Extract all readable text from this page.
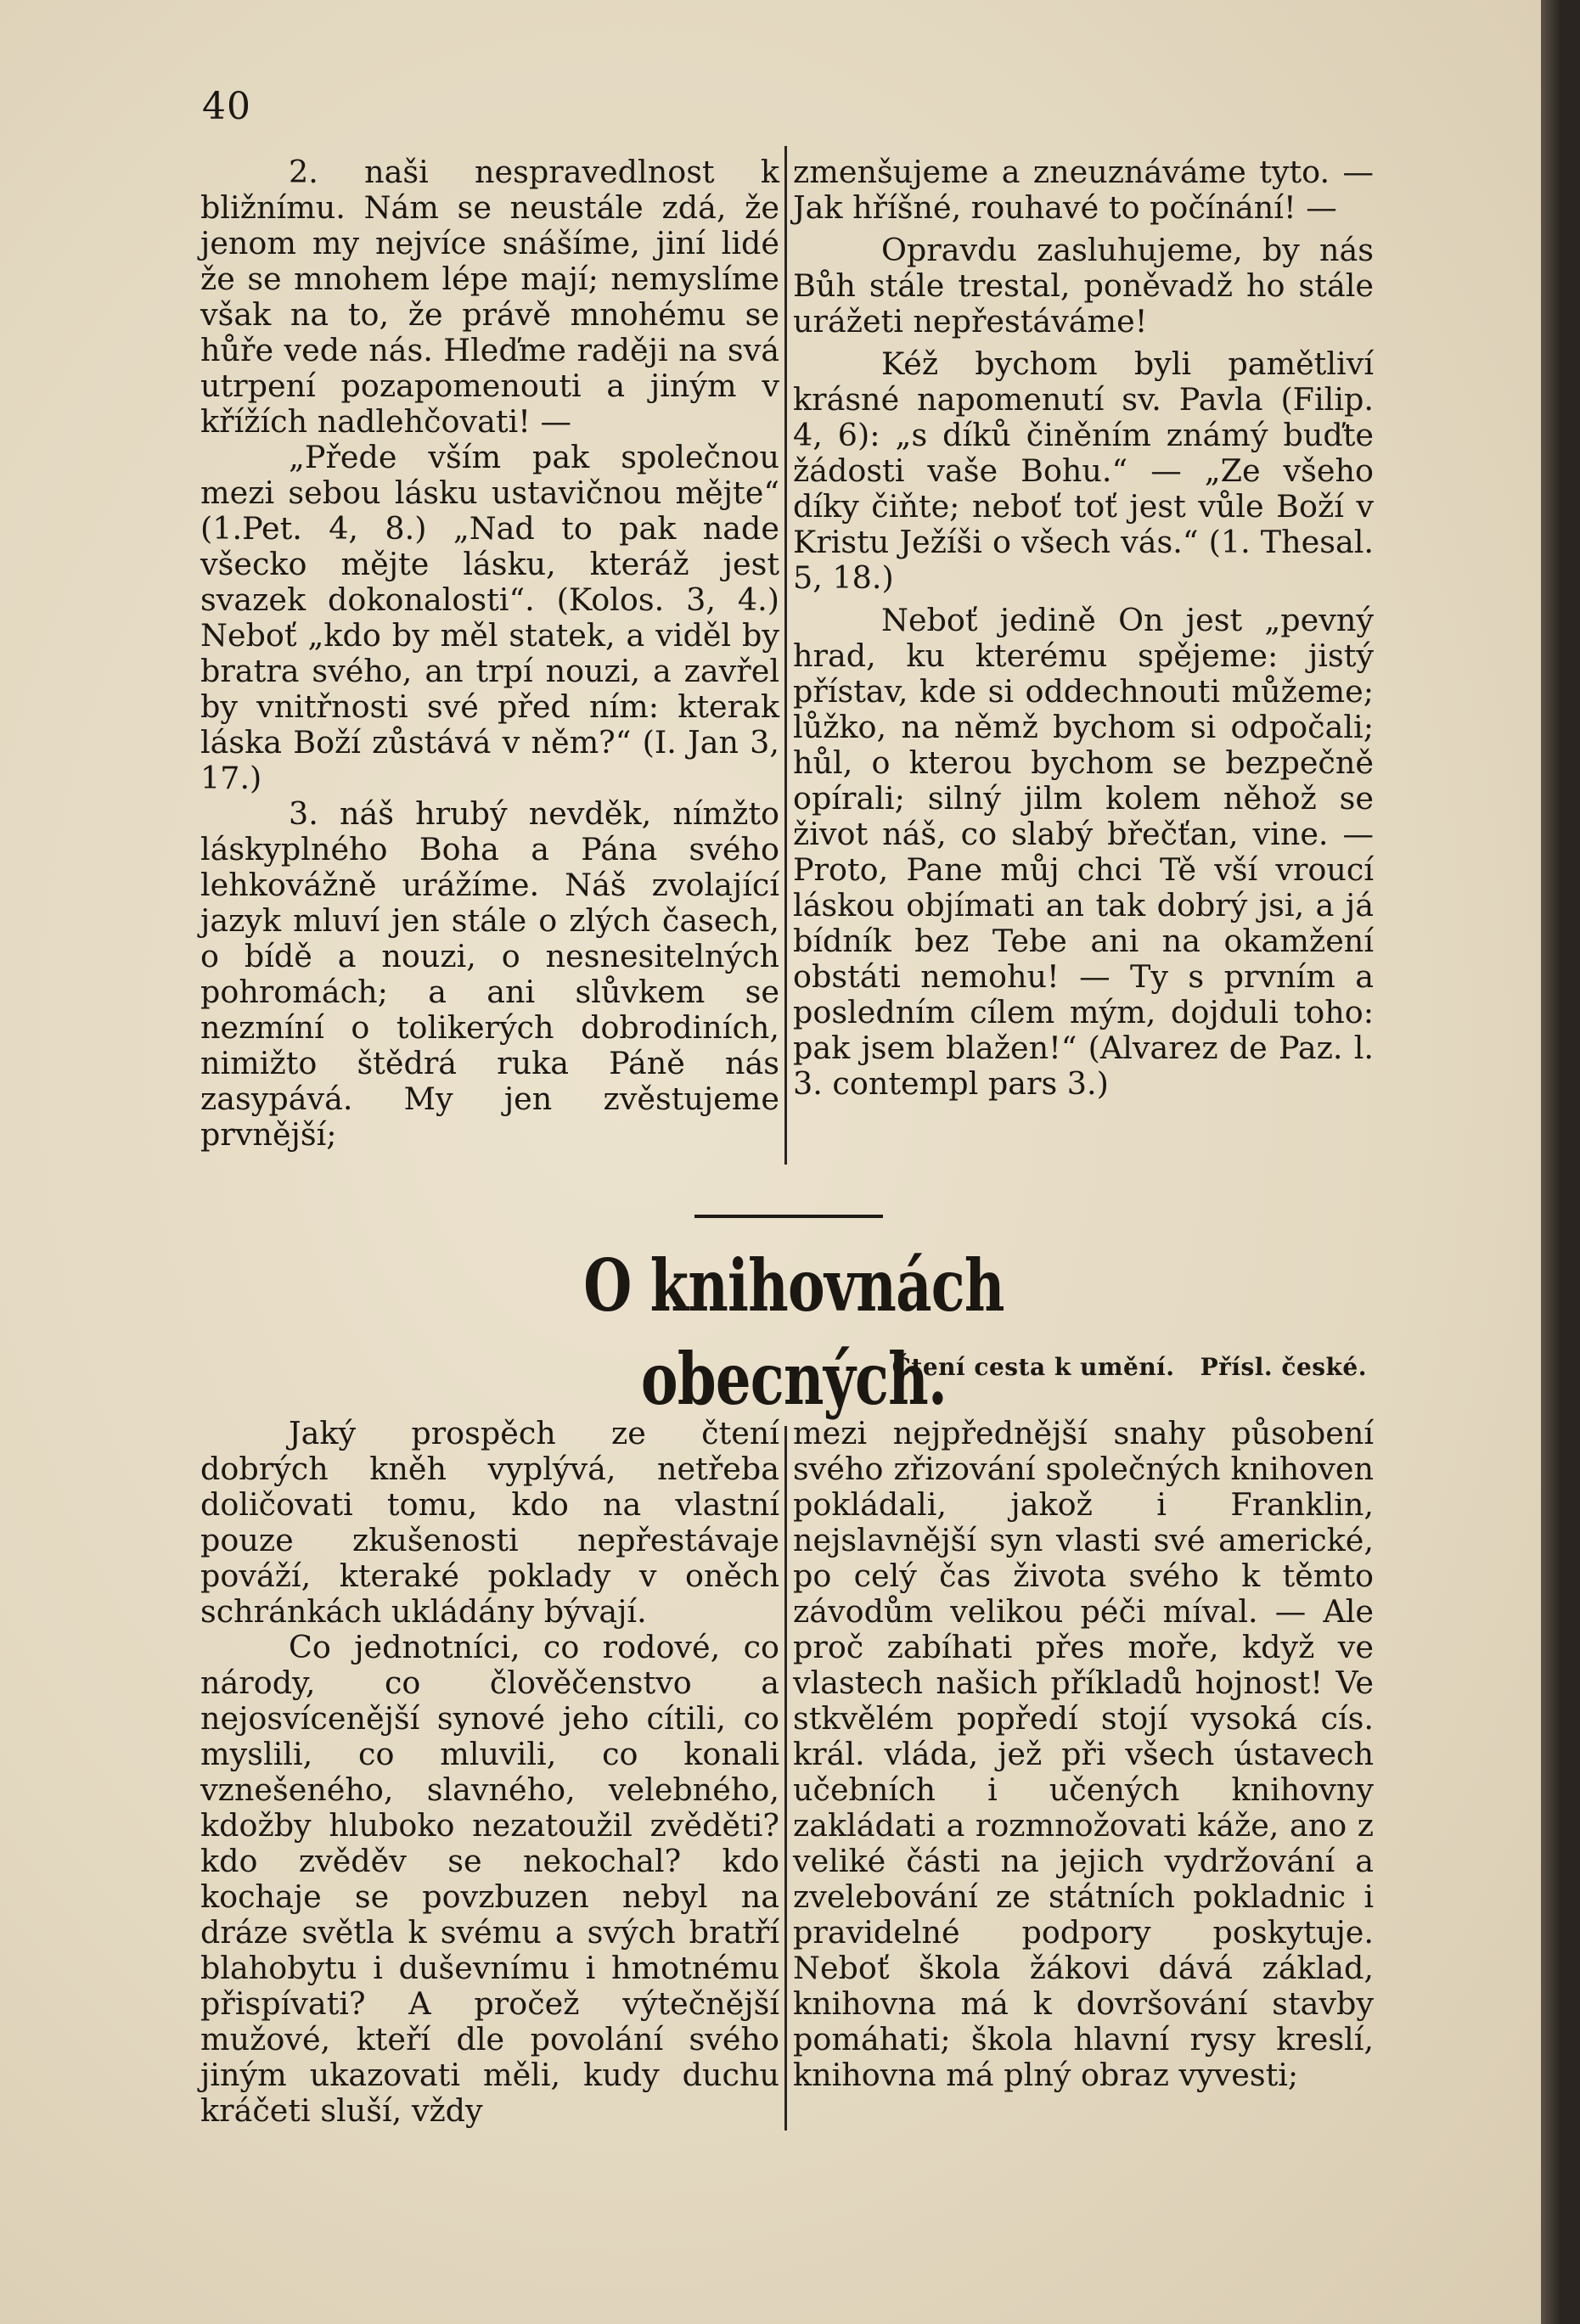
40

2. naši nespravedlnost k bližnímu. Nám se neustále zdá, že jenom my nejvíce snášíme, jiní lidé že se mnohem lépe mají; nemyslíme však na to, že právě mnohému se hůře vede nás. Hleďme raději na svá utrpení pozapomenouti a jiným v křížích nadlehčovati! —

„Přede vším pak společnou mezi sebou lásku ustavičnou mějte“ (1.Pet. 4, 8.) „Nad to pak nade všecko mějte lásku, kteráž jest svazek dokonalosti“. (Kolos. 3, 4.) Neboť „kdo by měl statek, a viděl by bratra svého, an trpí nouzi, a zavřel by vnitřnosti své před ním: kterak láska Boží zůstává v něm?“ (I. Jan 3, 17.)

3. náš hrubý nevděk, nímžto láskyplného Boha a Pána svého lehkovážně urážíme. Náš zvolající jazyk mluví jen stále o zlých časech, o bídě a nouzi, o nesnesitelných pohromách; a ani slůvkem se nezmíní o tolikerých dobrodiních, nimižto štědrá ruka Páně nás zasypává. My jen zvěstujeme prvnější;

zmenšujeme a zneuznáváme tyto. — Jak hříšné, rouhavé to počínání! —

Opravdu zasluhujeme, by nás Bůh stále trestal, poněvadž ho stále urážeti nepřestáváme!

Kéž bychom byli pamětliví krásné napomenutí sv. Pavla (Filip. 4, 6): „s díků činěním známý buďte žádosti vaše Bohu.“ — „Ze všeho díky čiňte; neboť toť jest vůle Boží v Kristu Ježíši o všech vás.“ (1. Thesal. 5, 18.)

Neboť jedině On jest „pevný hrad, ku kterému spějeme: jistý přístav, kde si oddechnouti můžeme; lůžko, na němž bychom si odpočali; hůl, o kterou bychom se bezpečně opírali; silný jilm kolem něhož se život náš, co slabý břečťan, vine. — Proto, Pane můj chci Tě vší vroucí láskou objímati an tak dobrý jsi, a já bídník bez Tebe ani na okamžení obstáti nemohu! — Ty s prvním a posledním cílem mým, dojduli toho: pak jsem blažen!“ (Alvarez de Paz. l. 3. contempl pars 3.)

O knihovnách obecných.
Čtení cesta k umění. Přísl. české.

Jaký prospěch ze čtení dobrých kněh vyplývá, netřeba doličovati tomu, kdo na vlastní pouze zkušenosti nepřestávaje pováží, kteraké poklady v oněch schránkách ukládány bývají.

Co jednotníci, co rodové, co národy, co člověčenstvo a nejosvícenější synové jeho cítili, co myslili, co mluvili, co konali vznešeného, slavného, velebného, kdožby hluboko nezatoužil zvěděti? kdo zvěděv se nekochal? kdo kochaje se povzbuzen nebyl na dráze světla k svému a svých bratří blahobytu i duševnímu i hmotnému přispívati? A pročež výtečnější mužové, kteří dle povolání svého jiným ukazovati měli, kudy duchu kráčeti sluší, vždy

mezi nejpřednější snahy působení svého zřizování společných knihoven pokládali, jakož i Franklin, nejslavnější syn vlasti své americké, po celý čas života svého k těmto závodům velikou péči míval. — Ale proč zabíhati přes moře, když ve vlastech našich příkladů hojnost! Ve stkvělém popředí stojí vysoká cís. král. vláda, jež při všech ústavech učebních i učených knihovny zakládati a rozmnožovati káže, ano z veliké části na jejich vydržování a zvelebování ze státních pokladnic i pravidelné podpory poskytuje. Neboť škola žákovi dává základ, knihovna má k dovršování stavby pomáhati; škola hlavní rysy kreslí, knihovna má plný obraz vyvesti;
